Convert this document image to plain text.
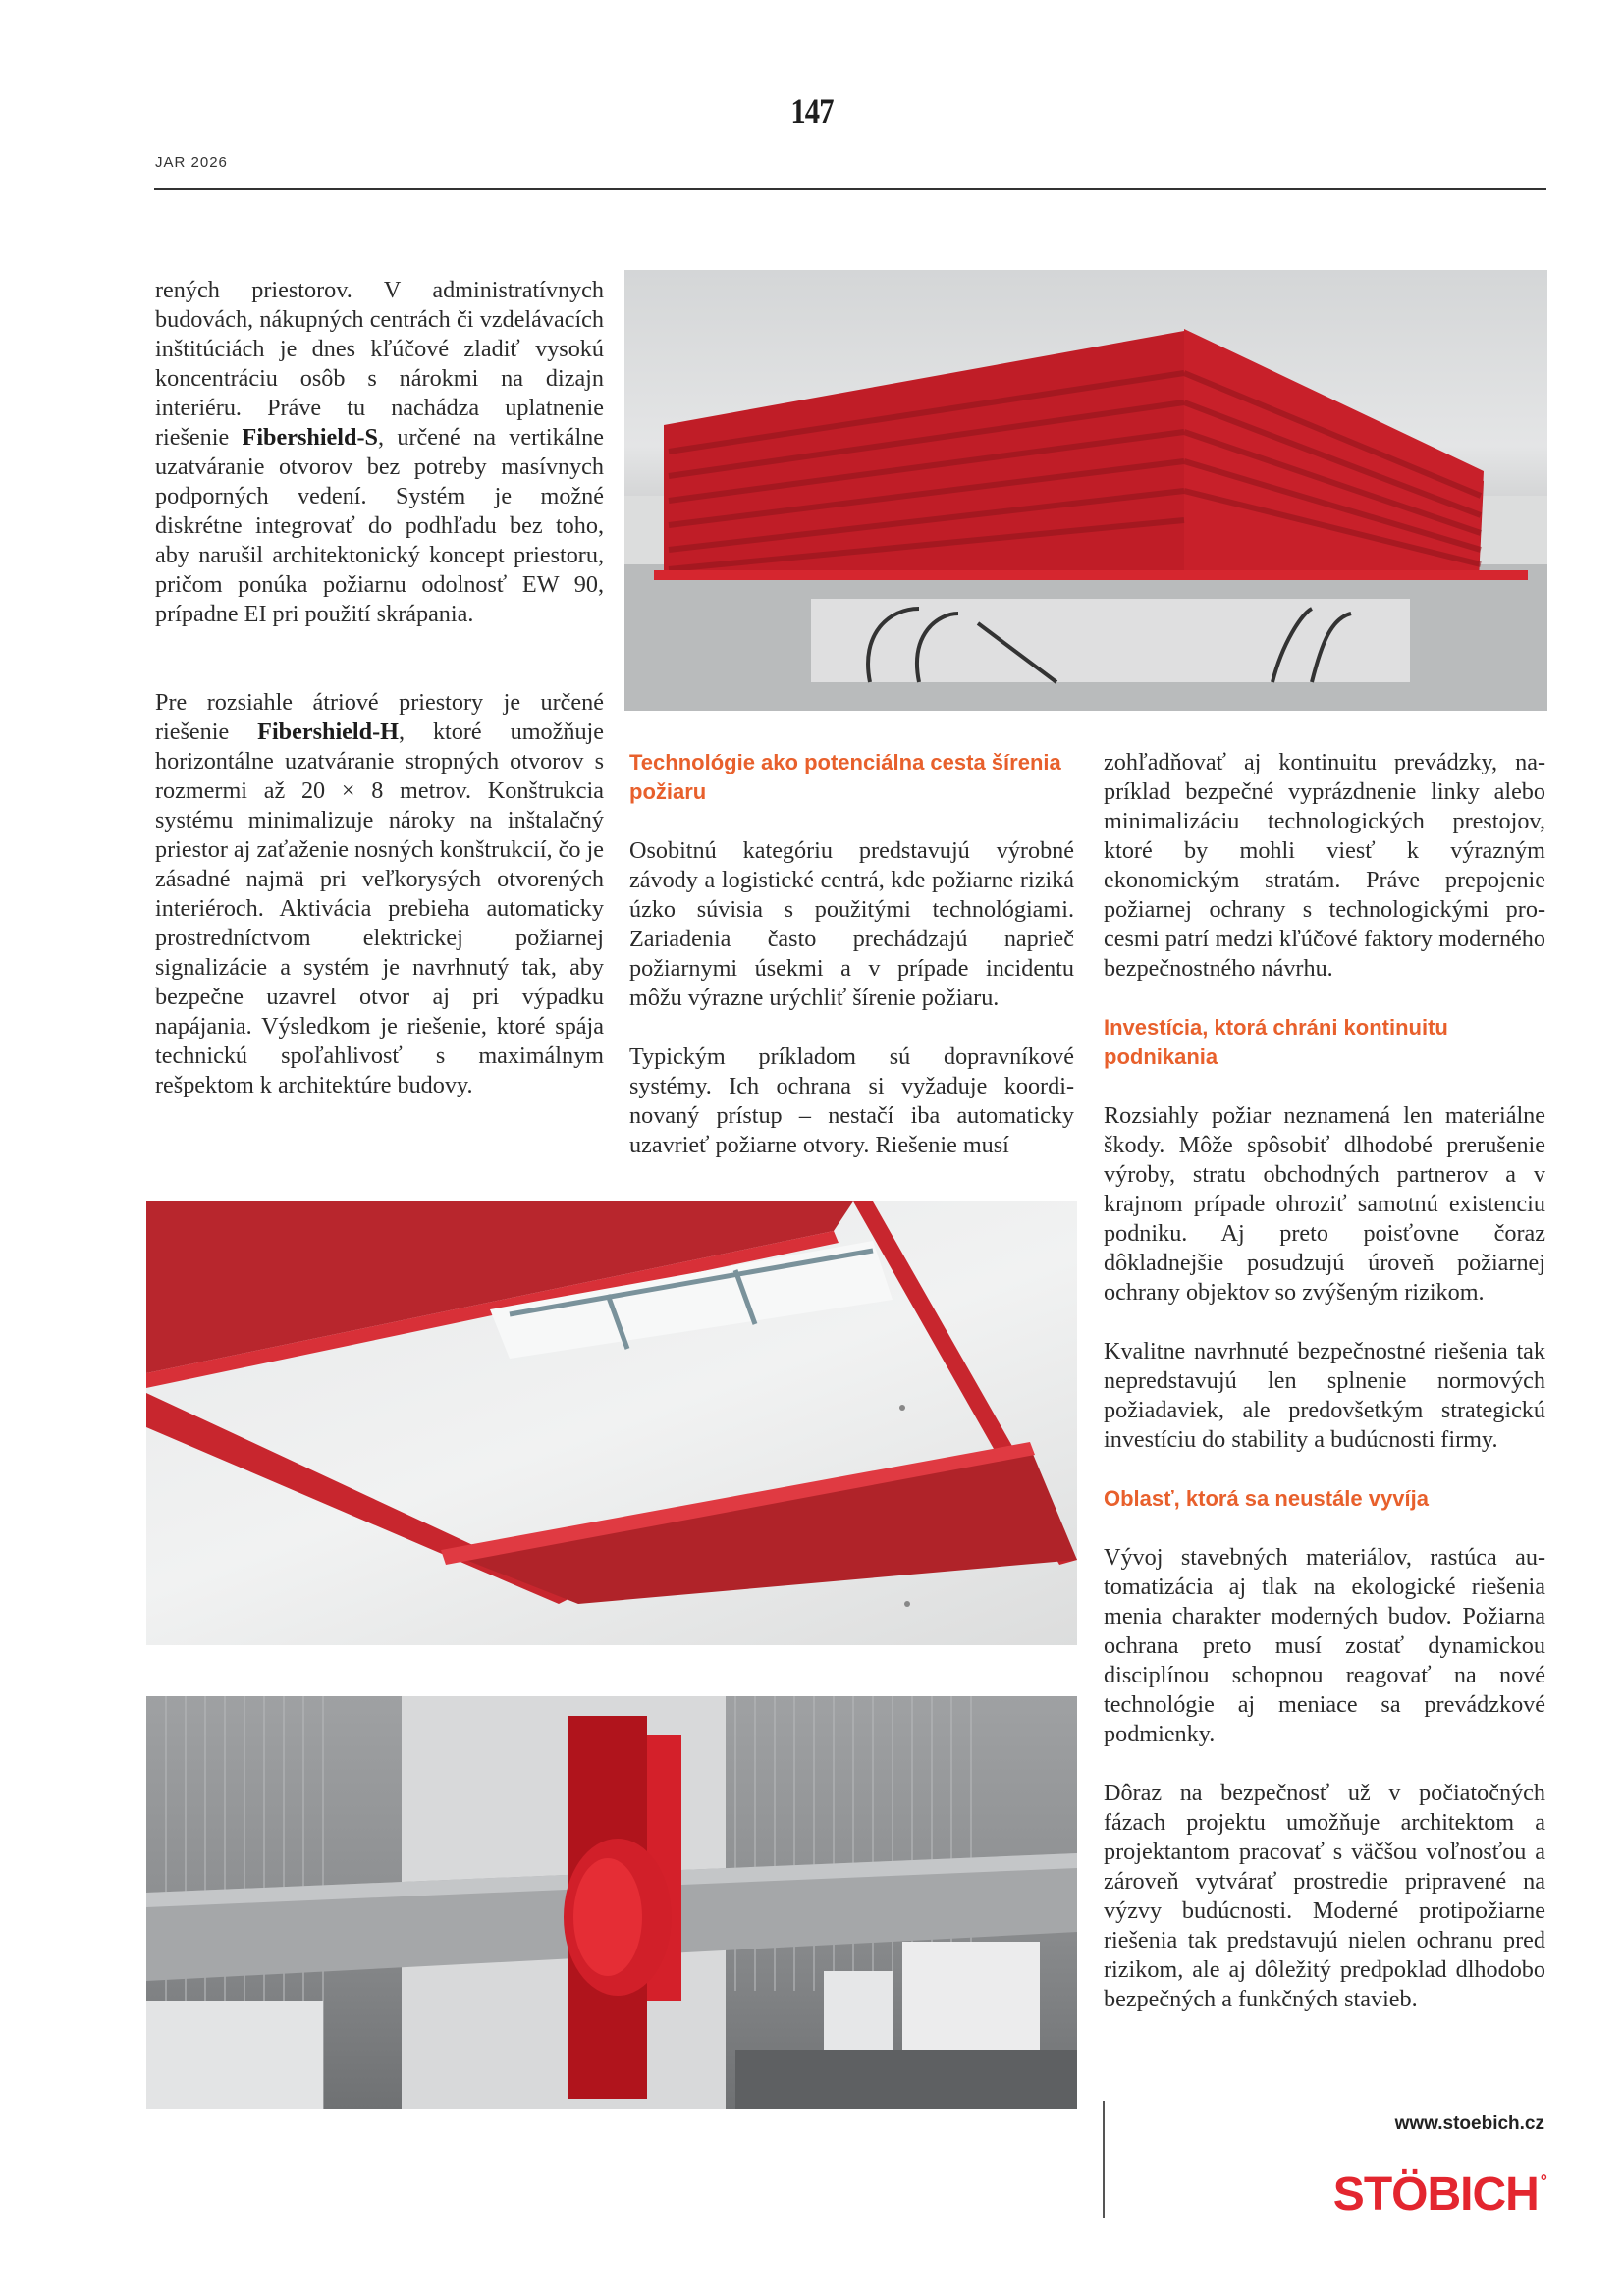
147
JAR 2026

rených priestorov. V administratívnych budovách, nákupných centrách či vzdelávacích inštitúciách je dnes kľúčové zladiť vysokú koncentráciu osôb s nárokmi na dizajn interiéru. Práve tu nachádza uplatnenie riešenie Fibershield-S, určené na vertikálne uzatváranie otvorov bez potreby masívnych podporných vedení. Systém je možné diskrétne integrovať do podhľadu bez toho, aby narušil architektonický koncept priestoru, pričom ponúka požiarnu odolnosť EW 90, prípadne EI pri použití skrápania.

Pre rozsiahle átriové priestory je určené riešenie Fibershield-H, ktoré umožňuje horizontálne uzatváranie stropných otvorov s rozmermi až 20 × 8 metrov. Konštrukcia systému minimalizuje nároky na inštalačný priestor aj zaťaženie nosných konštrukcií, čo je zásadné najmä pri veľkorysých otvorených interiéroch. Aktivácia prebieha automaticky prostredníctvom elektrickej požiarnej signalizácie a systém je navrhnutý tak, aby bezpečne uzavrel otvor aj pri výpadku napájania. Výsledkom je riešenie, ktoré spája technickú spoľahlivosť s maximálnym rešpektom k architektúre budovy.

Technológie ako potenciálna cesta šírenia požiaru

Osobitnú kategóriu predstavujú výrobné závody a logistické centrá, kde požiarne riziká úzko súvisia s použitými technológiami. Zariadenia často prechádzajú naprieč požiarnymi úsekmi a v prípade incidentu môžu výrazne urýchliť šírenie požiaru.

Typickým príkladom sú dopravníkové systémy. Ich ochrana si vyžaduje koordinovaný prístup – nestačí iba automaticky uzavrieť požiarne otvory. Riešenie musí

zohľadňovať aj kontinuitu prevádzky, napríklad bezpečné vyprázdnenie linky alebo minimalizáciu technologických prestojov, ktoré by mohli viesť k výrazným ekonomickým stratám. Práve prepojenie požiarnej ochrany s technologickými procesmi patrí medzi kľúčové faktory moderného bezpečnostného návrhu.

Investícia, ktorá chráni kontinuitu podnikania

Rozsiahly požiar neznamená len materiálne škody. Môže spôsobiť dlhodobé prerušenie výroby, stratu obchodných partnerov a v krajnom prípade ohroziť samotnú existenciu podniku. Aj preto poisťovne čoraz dôkladnejšie posudzujú úroveň požiarnej ochrany objektov so zvýšeným rizikom.

Kvalitne navrhnuté bezpečnostné riešenia tak nepredstavujú len splnenie normových požiadaviek, ale predovšetkým strategickú investíciu do stability a budúcnosti firmy.

Oblasť, ktorá sa neustále vyvíja

Vývoj stavebných materiálov, rastúca automatizácia aj tlak na ekologické riešenia menia charakter moderných budov. Požiarna ochrana preto musí zostať dynamickou disciplínou schopnou reagovať na nové technológie aj meniace sa prevádzkové podmienky.

Dôraz na bezpečnosť už v počiatočných fázach projektu umožňuje architektom a projektantom pracovať s väčšou voľnosťou a zároveň vytvárať prostredie pripravené na výzvy budúcnosti. Moderné protipožiarne riešenia tak predstavujú nielen ochranu pred rizikom, ale aj dôležitý predpoklad dlhodobo bezpečných a funkčných stavieb.

www.stoebich.cz
STÖBICH °
